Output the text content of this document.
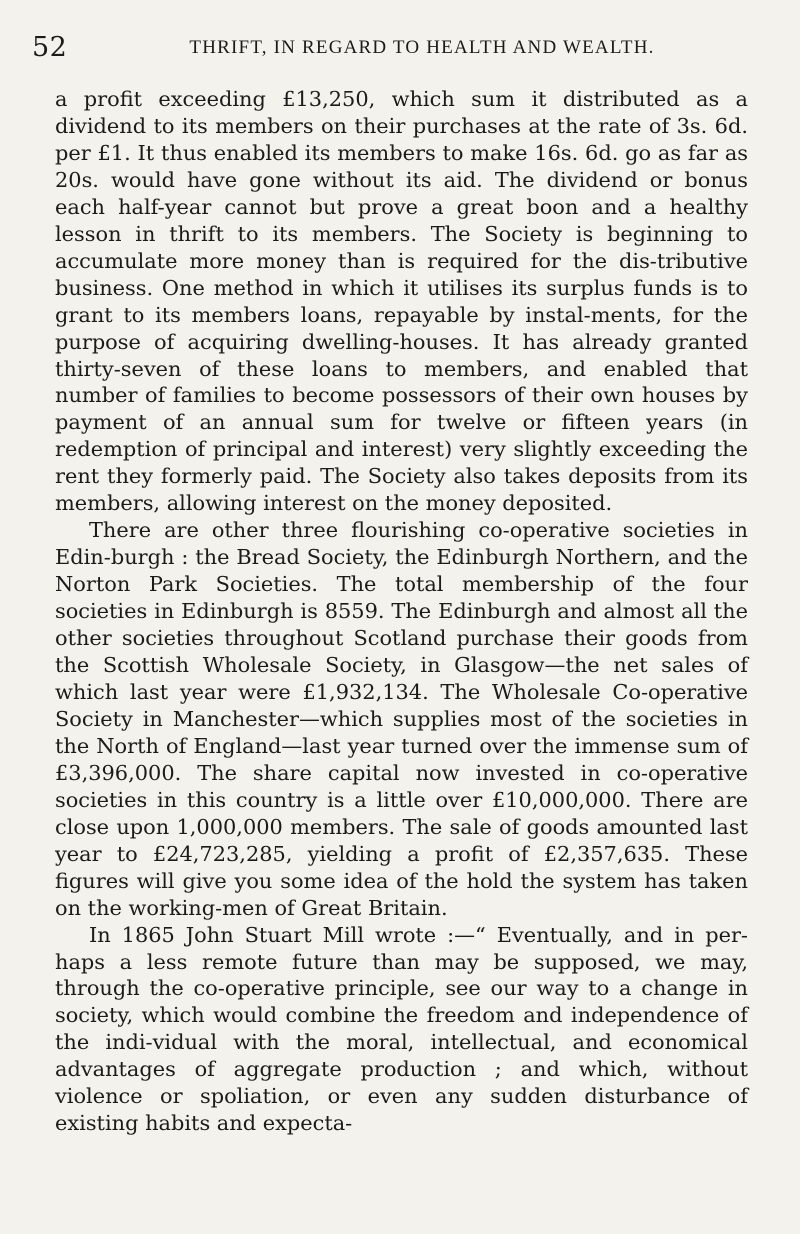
52	THRIFT, IN REGARD TO HEALTH AND WEALTH.

a profit exceeding £13,250, which sum it distributed as a dividend to its members on their purchases at the rate of 3s. 6d. per £1. It thus enabled its members to make 16s. 6d. go as far as 20s. would have gone without its aid. The dividend or bonus each half-year cannot but prove a great boon and a healthy lesson in thrift to its members. The Society is beginning to accumulate more money than is required for the dis-tributive business. One method in which it utilises its surplus funds is to grant to its members loans, repayable by instal-ments, for the purpose of acquiring dwelling-houses. It has already granted thirty-seven of these loans to members, and enabled that number of families to become possessors of their own houses by payment of an annual sum for twelve or fifteen years (in redemption of principal and interest) very slightly exceeding the rent they formerly paid. The Society also takes deposits from its members, allowing interest on the money deposited.

There are other three flourishing co-operative societies in Edin-burgh : the Bread Society, the Edinburgh Northern, and the Norton Park Societies. The total membership of the four societies in Edinburgh is 8559. The Edinburgh and almost all the other societies throughout Scotland purchase their goods from the Scottish Wholesale Society, in Glasgow—the net sales of which last year were £1,932,134. The Wholesale Co-operative Society in Manchester—which supplies most of the societies in the North of England—last year turned over the immense sum of £3,396,000. The share capital now invested in co-operative societies in this country is a little over £10,000,000. There are close upon 1,000,000 members. The sale of goods amounted last year to £24,723,285, yielding a profit of £2,357,635. These figures will give you some idea of the hold the system has taken on the working-men of Great Britain.

In 1865 John Stuart Mill wrote :—“ Eventually, and in per-haps a less remote future than may be supposed, we may, through the co-operative principle, see our way to a change in society, which would combine the freedom and independence of the indi-vidual with the moral, intellectual, and economical advantages of aggregate production ; and which, without violence or spoliation, or even any sudden disturbance of existing habits and expecta-
